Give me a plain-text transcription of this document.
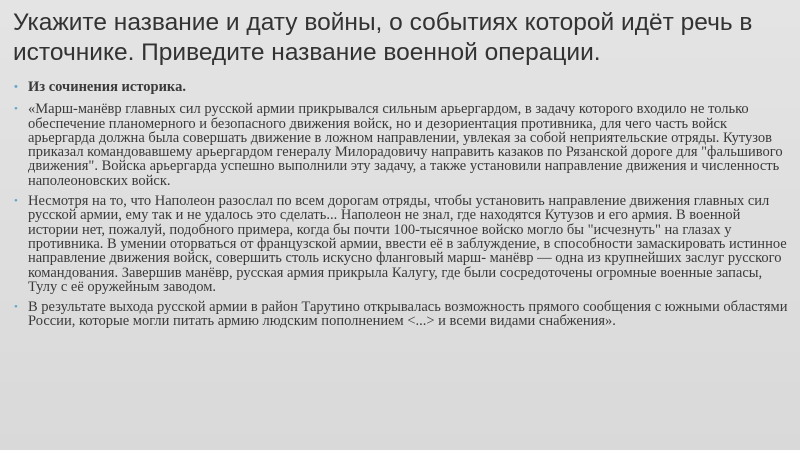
Укажите название и дату войны, о событиях которой идёт речь в источнике. Приведите название военной операции.
• Из сочинения историка.
• «Марш-манёвр главных сил русской армии прикрывался сильным арьергардом, в задачу которого входило не только обеспечение планомерного и безопасного движения войск, но и дезориентация противника, для чего часть войск арьергарда должна была совершать движение в ложном направлении, увлекая за собой неприятельские отряды. Кутузов приказал командовавшему арьергардом генералу Милорадовичу направить казаков по Рязанской дороге для "фальшивого движения". Войска арьергарда успешно выполнили эту задачу, а также установили направление движения и численность наполеоновских войск.
• Несмотря на то, что Наполеон разослал по всем дорогам отряды, чтобы установить направление движения главных сил русской армии, ему так и не удалось это сделать... Наполеон не знал, где находятся Кутузов и его армия. В военной истории нет, пожалуй, подобного примера, когда бы почти 100-тысячное войско могло бы "исчезнуть" на глазах у противника. В умении оторваться от французской армии, ввести её в заблуждение, в способности замаскировать истинное направление движения войск, совершить столь искусно фланговый марш- манёвр — одна из крупнейших заслуг русского командования. Завершив манёвр, русская армия прикрыла Калугу, где были сосредоточены огромные военные запасы, Тулу с её оружейным заводом.
• В результате выхода русской армии в район Тарутино открывалась возможность прямого сообщения с южными областями России, которые могли питать армию людским пополнением <...> и всеми видами снабжения».
